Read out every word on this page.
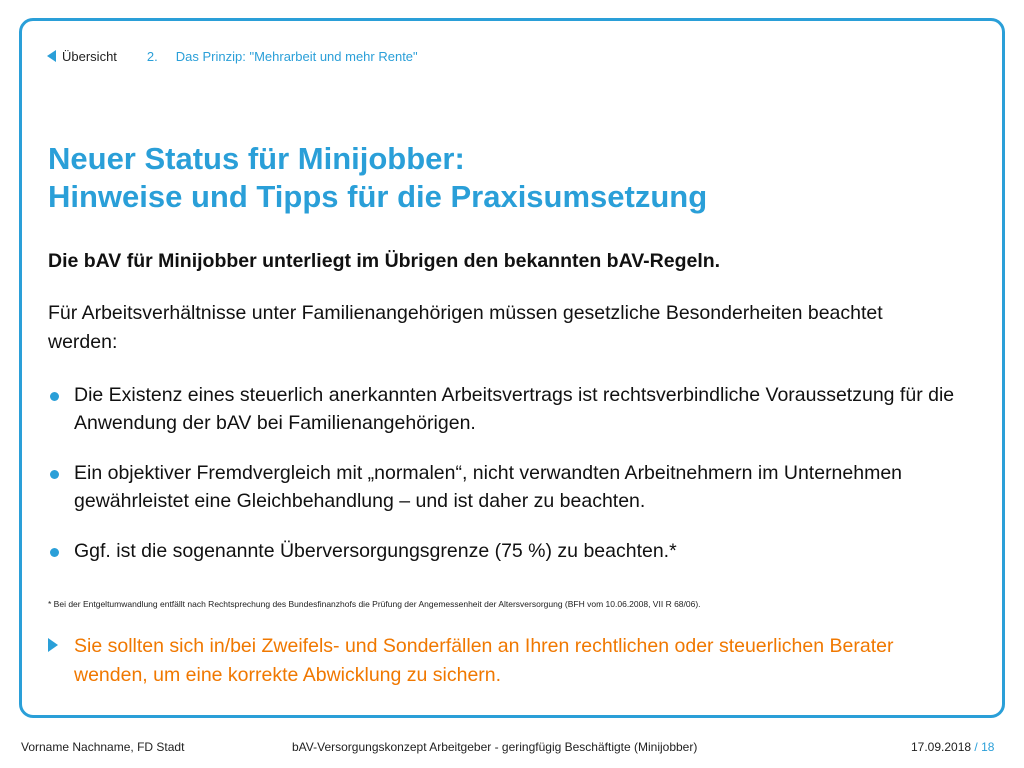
Übersicht 2. Das Prinzip: "Mehrarbeit und mehr Rente"
Neuer Status für Minijobber:
Hinweise und Tipps für die Praxisumsetzung

Die bAV für Minijobber unterliegt im Übrigen den bekannten bAV-Regeln.

Für Arbeitsverhältnisse unter Familienangehörigen müssen gesetzliche Besonderheiten beachtet werden:

Die Existenz eines steuerlich anerkannten Arbeitsvertrags ist rechtsverbindliche Voraussetzung für die Anwendung der bAV bei Familienangehörigen.
Ein objektiver Fremdvergleich mit „normalen“, nicht verwandten Arbeitnehmern im Unternehmen gewährleistet eine Gleichbehandlung – und ist daher zu beachten.
Ggf. ist die sogenannte Überversorgungsgrenze (75 %) zu beachten.*

* Bei der Entgeltumwandlung entfällt nach Rechtsprechung des Bundesfinanzhofs die Prüfung der Angemessenheit der Altersversorgung (BFH vom 10.06.2008, VII R 68/06).

Sie sollten sich in/bei Zweifels- und Sonderfällen an Ihren rechtlichen oder steuerlichen Berater wenden, um eine korrekte Abwicklung zu sichern.
Vorname Nachname, FD Stadt	bAV-Versorgungskonzept Arbeitgeber - geringfügig Beschäftigte (Minijobber)	17.09.2018 / 18
